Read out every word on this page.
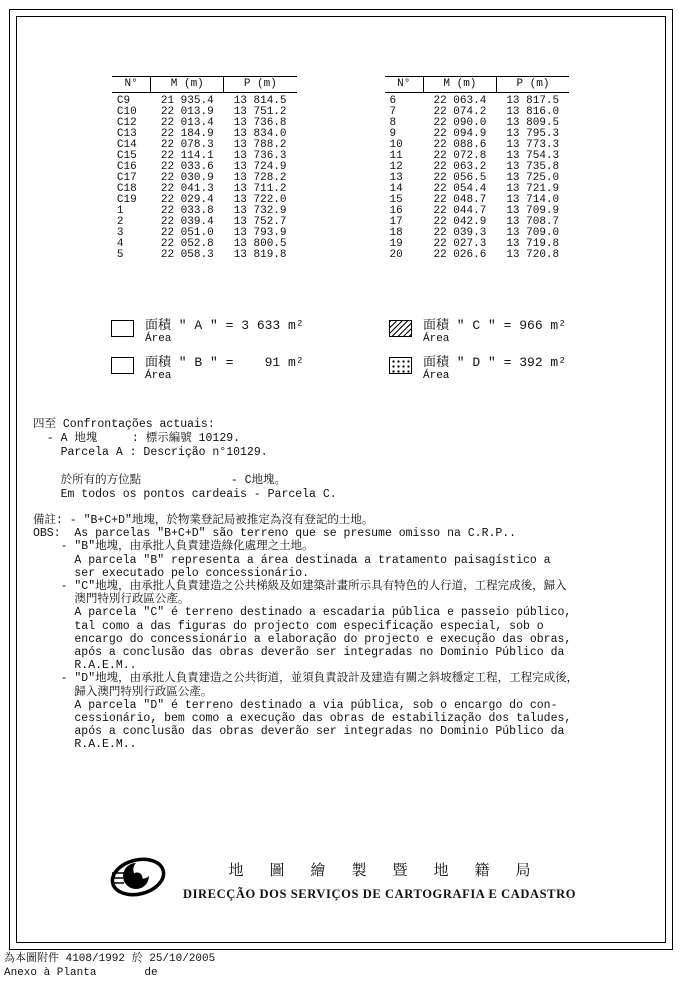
N°	M (m)	P (m)
C9	21 935.4	13 814.5
C10	22 013.9	13 751.2
C12	22 013.4	13 736.8
C13	22 184.9	13 834.0
C14	22 078.3	13 788.2
C15	22 114.1	13 736.3
C16	22 033.6	13 724.9
C17	22 030.9	13 728.2
C18	22 041.3	13 711.2
C19	22 029.4	13 722.0
1	22 033.8	13 732.9
2	22 039.4	13 752.7
3	22 051.0	13 793.9
4	22 052.8	13 800.5
5	22 058.3	13 819.8
N°	M (m)	P (m)
6	22 063.4	13 817.5
7	22 074.2	13 816.0
8	22 090.0	13 809.5
9	22 094.9	13 795.3
10	22 088.6	13 773.3
11	22 072.8	13 754.3
12	22 063.2	13 735.8
13	22 056.5	13 725.0
14	22 054.4	13 721.9
15	22 048.7	13 714.0
16	22 044.7	13 709.9
17	22 042.9	13 708.7
18	22 039.3	13 709.0
19	22 027.3	13 719.8
20	22 026.6	13 720.8
面積 " A " = 3 633 m²
Área
面積 " C " = 966 m²
Área
面積 " B " =    91 m²
Área
面積 " D " = 392 m²
Área
四至 Confrontações actuais:
- A 地塊     : 標示編號 10129.
Parcela A : Descrição n°10129.
於所有的方位點             - C地塊。
Em todos os pontos cardeais - Parcela C.
備註: - "B+C+D"地塊，於物業登記局被推定為沒有登記的土地。
OBS:  As parcelas "B+C+D" são terreno que se presume omisso na C.R.P..
- "B"地塊，由承批人負責建造綠化處理之土地。
A parcela "B" representa a área destinada a tratamento paisagístico a
ser executado pelo concessionário.
- "C"地塊，由承批人負責建造之公共梯級及如建築計畫所示具有特色的人行道，工程完成後，歸入
澳門特別行政區公產。
A parcela "C" é terreno destinado a escadaria pública e passeio público,
tal como a das figuras do projecto com especificação especial, sob o
encargo do concessionário a elaboração do projecto e execução das obras,
após a conclusão das obras deverão ser integradas no Dominio Público da
R.A.E.M..
- "D"地塊，由承批人負責建造之公共街道，並須負責設計及建造有關之斜坡穩定工程，工程完成後，
歸入澳門特別行政區公產。
A parcela "D" é terreno destinado a via pública, sob o encargo do con-
cessionário, bem como a execução das obras de estabilização dos taludes,
após a conclusão das obras deverão ser integradas no Dominio Público da
R.A.E.M..
地圖繪製暨地籍局
DIRECÇÃO DOS SERVIÇOS DE CARTOGRAFIA E CADASTRO
為本圖附件 4108/1992 於 25/10/2005
Anexo à Planta	de
